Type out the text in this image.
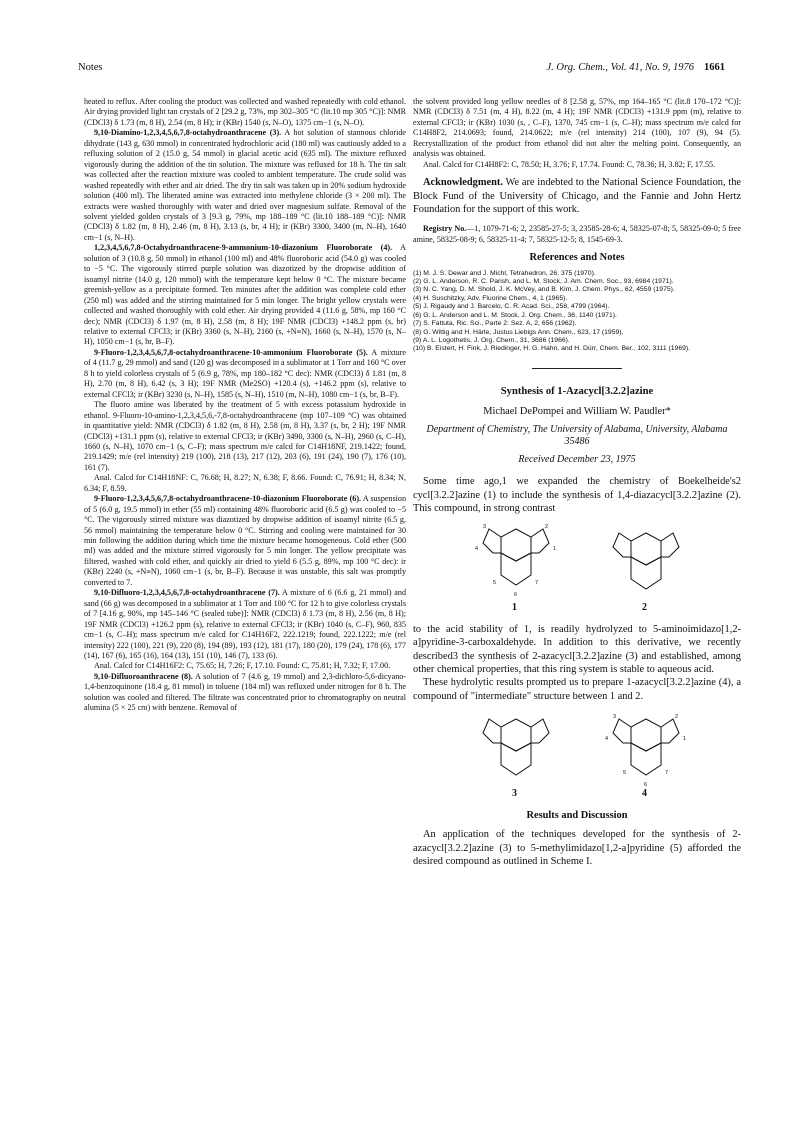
Notes	J. Org. Chem., Vol. 41, No. 9, 1976 1661

heated to reflux. After cooling the product was collected and washed repeatedly with cold ethanol. Air drying provided light tan crystals of 2 [29.2 g, 73%, mp 302–305 °C (lit.10 mp 305 °C)]: NMR (CDCl3) δ 1.73 (m, 8 H), 2.54 (m, 8 H); ir (KBr) 1540 (s, N–O), 1375 cm−1 (s, N–O).

9,10-Diamino-1,2,3,4,5,6,7,8-octahydroanthracene (3). A hot solution of stannous chloride dihydrate (143 g, 630 mmol) in concentrated hydrochloric acid (180 ml) was cautiously added to a refluxing solution of 2 (15.0 g, 54 mmol) in glacial acetic acid (635 ml). The mixture refluxed vigorously during the addition of the tin solution. The mixture was refluxed for 18 h. The tin salt was collected after the reaction mixture was cooled to ambient temperature. The crude solid was washed repeatedly with ether and air dried. The dry tin salt was taken up in 20% sodium hydroxide solution (400 ml). The liberated amine was extracted into methylene chloride (3 × 200 ml). The extracts were washed thoroughly with water and dried over magnesium sulfate. Removal of the solvent yielded golden crystals of 3 [9.3 g, 79%, mp 188–189 °C (lit.10 188–189 °C)]: NMR (CDCl3) δ 1.82 (m, 8 H), 2.46 (m, 8 H), 3.13 (s, br, 4 H); ir (KBr) 3300, 3400 (m, N–H), 1640 cm−1 (s, N–H).

1,2,3,4,5,6,7,8-Octahydroanthracene-9-ammonium-10-diazonium Fluoroborate (4). A solution of 3 (10.8 g, 50 mmol) in ethanol (100 ml) and 48% fluoroboric acid (54.0 g) was cooled to −5 °C. The vigorously stirred purple solution was diazotized by the dropwise addition of isoamyl nitrite (14.0 g, 120 mmol) with the temperature kept below 0 °C. The mixture became greenish-yellow as a precipitate formed. Ten minutes after the addition was complete cold ether (250 ml) was added and the stirring maintained for 5 min longer. The bright yellow crystals were collected and washed thoroughly with cold ether. Air drying provided 4 (11.6 g, 58%, mp 160 °C dec); NMR (CDCl3) δ 1.97 (m, 8 H), 2.58 (m, 8 H); 19F NMR (CDCl3) +148.2 ppm (s, br) relative to external CFCl3; ir (KBr) 3360 (s, N–H), 2160 (s, +N≡N), 1660 (s, N–H), 1570 (s, N–H), 1050 cm−1 (s, br, B–F).

9-Fluoro-1,2,3,4,5,6,7,8-octahydroanthracene-10-ammonium Fluoroborate (5). A mixture of 4 (11.7 g, 29 mmol) and sand (120 g) was decomposed in a sublimator at 1 Torr and 160 °C over 8 h to yield colorless crystals of 5 (6.9 g, 78%, mp 180–182 °C dec): NMR (CDCl3) δ 1.81 (m, 8 H), 2.70 (m, 8 H), 6.42 (s, 3 H); 19F NMR (Me2SO) +120.4 (s), +146.2 ppm (s), relative to external CFCl3; ir (KBr) 3230 (s, N–H), 1585 (s, N–H), 1510 (m, N–H), 1080 cm−1 (s, br, B–F).

The fluoro amine was liberated by the treatment of 5 with excess potassium hydroxide in ethanol. 9-Fluoro-10-amino-1,2,3,4,5,6,-7,8-octahydroanthracene (mp 107–109 °C) was obtained in quantitative yield: NMR (CDCl3) δ 1.82 (m, 8 H), 2.58 (m, 8 H), 3.37 (s, br, 2 H); 19F NMR (CDCl3) +131.1 ppm (s), relative to external CFCl3; ir (KBr) 3490, 3300 (s, N–H), 2960 (s, C–H), 1660 (s, N–H), 1070 cm−1 (s, C–F); mass spectrum m/e calcd for C14H18NF, 219.1422; found, 219.1429; m/e (rel intensity) 219 (100), 218 (13), 217 (12), 203 (6), 191 (24), 190 (7), 176 (10), 161 (7).

Anal. Calcd for C14H18NF: C, 76.68; H, 8.27; N, 6.38; F, 8.66. Found: C, 76.91; H, 8.34; N, 6.34; F, 8.59.

9-Fluoro-1,2,3,4,5,6,7,8-octahydroanthracene-10-diazonium Fluoroborate (6). A suspension of 5 (6.0 g, 19.5 mmol) in ether (55 ml) containing 48% fluoroboric acid (6.5 g) was cooled to −5 °C. The vigorously stirred mixture was diazotized by dropwise addition of isoamyl nitrite (6.5 g, 56 mmol) maintaining the temperature below 0 °C. Stirring and cooling were maintained for 30 min following the addition during which time the mixture became homogeneous. Cold ether (500 ml) was added and the mixture stirred vigorously for 5 min longer. The yellow precipitate was filtered, washed with cold ether, and quickly air dried to yield 6 (5.5 g, 89%, mp 100 °C dec): ir (KBr) 2240 (s, +N≡N), 1060 cm−1 (s, br, B–F). Because it was unstable, this salt was promptly converted to 7.

9,10-Difluoro-1,2,3,4,5,6,7,8-octahydroanthracene (7). A mixture of 6 (6.6 g, 21 mmol) and sand (66 g) was decomposed in a sublimator at 1 Torr and 100 °C for 12 h to give colorless crystals of 7 [4.16 g, 90%, mp 145–146 °C (sealed tube)]: NMR (CDCl3) δ 1.73 (m, 8 H), 2.56 (m, 8 H); 19F NMR (CDCl3) +126.2 ppm (s), relative to external CFCl3; ir (KBr) 1040 (s, C–F), 960, 835 cm−1 (s, C–H); mass spectrum m/e calcd for C14H16F2, 222.1219; found, 222.1222; m/e (rel intensity) 222 (100), 221 (9), 220 (8), 194 (89), 193 (12), 181 (17), 180 (20), 179 (24), 178 (6), 177 (14), 167 (6), 165 (16), 164 (13), 151 (10), 146 (7), 133 (6).

Anal. Calcd for C14H16F2: C, 75.65; H, 7.26; F, 17.10. Found: C, 75.81; H, 7.32; F, 17.00.

9,10-Difluoroanthracene (8). A solution of 7 (4.6 g, 19 mmol) and 2,3-dichloro-5,6-dicyano-1,4-benzoquinone (18.4 g, 81 mmol) in toluene (184 ml) was refluxed under nitrogen for 8 h. The solution was cooled and filtered. The filtrate was concentrated prior to chromatography on neutral alumina (5 × 25 cm) with benzene. Removal of

the solvent provided long yellow needles of 8 [2.58 g, 57%, mp 164–165 °C (lit.8 170–172 °C)]: NMR (CDCl3) δ 7.51 (m, 4 H), 8.22 (m, 4 H); 19F NMR (CDCl3) +131.9 ppm (m), relative to external CFCl3; ir (KBr) 1030 (s, , C–F), 1370, 745 cm−1 (s, C–H); mass spectrum m/e calcd for C14H8F2, 214.0693; found, 214.0622; m/e (rel intensity) 214 (100), 107 (9), 94 (5). Recrystallization of the product from ethanol did not alter the melting point. Consequently, an analysis was obtained.

Anal. Calcd for C14H8F2: C, 78.50; H, 3.76; F, 17.74. Found: C, 78.36; H, 3.82; F, 17.55.

Acknowledgment. We are indebted to the National Science Foundation, the Block Fund of the University of Chicago, and the Fannie and John Hertz Foundation for the support of this work.

Registry No.—1, 1079-71-6; 2, 23585-27-5; 3, 23585-28-6; 4, 58325-07-8; 5, 58325-09-0; 5 free amine, 58325-08-9; 6, 58325-11-4; 7, 58325-12-5; 8, 1545-69-3.

References and Notes
(1) M. J. S. Dewar and J. Michl, Tetrahedron, 26, 375 (1970).
(2) G. L. Anderson, R. C. Parish, and L. M. Stock, J. Am. Chem. Soc., 93, 6984 (1971).
(3) N. C. Yang, D. M. Shold, J. K. McVey, and B. Kim, J. Chem. Phys., 62, 4559 (1975).
(4) H. Suschitzky, Adv. Fluorine Chem., 4, 1 (1965).
(5) J. Rigaudy and J. Barcelo, C. R. Acad. Sci., 258, 4799 (1964).
(6) G. L. Anderson and L. M. Stock, J. Org. Chem., 36, 1140 (1971).
(7) S. Fattuta, Ric. Sci., Parte 2: Sez. A, 2, 656 (1962).
(8) G. Wittig and H. Härle, Justus Liebigs Ann. Chem., 623, 17 (1959).
(9) A. L. Logothetis, J. Org. Chem., 31, 3686 (1966).
(10) B. Eistert, H. Fink, J. Riedinger, H. G. Hahn, and H. Dürr, Chem. Ber., 102, 3111 (1969).
Synthesis of 1-Azacycl[3.2.2]azine
Michael DePompei and William W. Paudler*
Department of Chemistry, The University of Alabama, University, Alabama 35486
Received December 23, 1975

Some time ago,1 we expanded the chemistry of Boekelheide's2 cycl[3.2.2]azine (1) to include the synthesis of 1,4-diazacycl[3.2.2]azine (2). This compound, in strong contrast

3	2
4	1
5	7
6
1	2

to the acid stability of 1, is readily hydrolyzed to 5-aminoimidazo[1,2-a]pyridine-3-carboxaldehyde. In addition to this derivative, we recently described3 the synthesis of 2-azacycl[3.2.2]azine (3) and established, among other chemical properties, that this ring system is stable to aqueous acid.

These hydrolytic results prompted us to prepare 1-azacycl[3.2.2]azine (4), a compound of "intermediate" structure between 1 and 2.

3	2
4	1
5	7
6
3	4
Results and Discussion

An application of the techniques developed for the synthesis of 2-azacycl[3.2.2]azine (3) to 5-methylimidazo[1,2-a]pyridine (5) afforded the desired compound as outlined in Scheme I.
